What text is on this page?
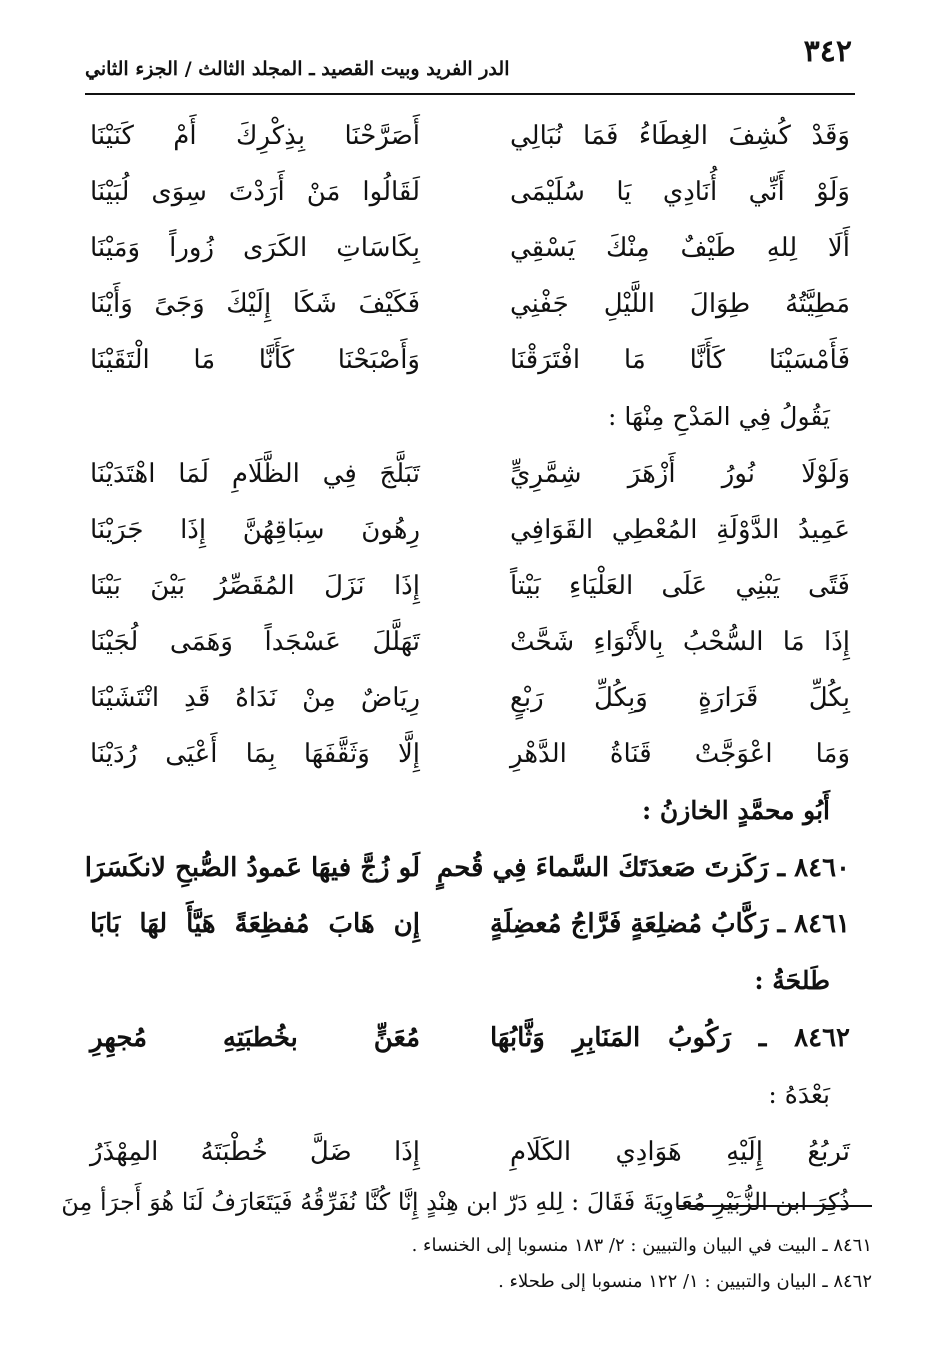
٣٤٢
الدر الفريد وبيت القصيد ـ المجلد الثالث / الجزء الثاني
وَقَدْ كُشِفَ الغِطَاءُ فَمَا نُبَالِي
أَصَرَّحْنَا بِذِكْرِكَ أَمْ كَنَيْنَا
وَلَوْ أَنِّي أُنَادِي يَا سُلَيْمَى
لَقَالُوا مَنْ أَرَدْتَ سِوَى لُبَيْنَا
أَلَا لِلهِ طَيْفٌ مِنْكَ يَسْقِي
بِكَاسَاتِ الكَرَى زُوراً وَمَيْنَا
مَطِيَّتُهُ طِوَالَ اللَّيْلِ جَفْنِي
فَكَيْفَ شَكَا إِلَيْكَ وَجَىً وَأَيْنَا
فَأَمْسَيْنَا كَأَنَّا مَا افْتَرَقْنَا
وَأَصْبَحْنَا كَأَنَّا مَا الْتَقَيْنَا
يَقُولُ فِي المَدْحِ مِنْهَا :
وَلَوْلَا نُورُ أَزْهَرَ شِمَّرِيٍّ
تَبَلَّجَ فِي الظَّلَامِ لَمَا اهْتَدَيْنَا
عَمِيدُ الدَّوْلَةِ المُعْطِي القَوَافِي
رِهُونَ سِبَاقِهُنَّ إِذَا جَرَيْنَا
فَتًى يَبْنِي عَلَى العَلْيَاءِ بَيْتاً
إِذَا نَزَلَ المُقَصِّرُ بَيْنَ بَيْنَا
إِذَا مَا السُّحْبُ بِالأَنْوَاءِ شَحَّتْ
تَهَلَّلَ عَسْجَداً وَهَمَى لُجَيْنَا
بِكُلِّ قَرَارَةٍ وَبِكُلِّ رَبْعٍ
رِيَاضٌ مِنْ نَدَاهُ قَدِ انْتَشَيْنَا
وَمَا اعْوَجَّتْ قَنَاةُ الدَّهْرِ
إِلَّا وَثَقَّفَهَا بِمَا أَعْيَى رُدَيْنَا
أَبُو محمَّدٍ الخازنُ :
٨٤٦٠ ـ رَكَزتَ صَعدَتَكَ السَّماءَ فِي قُحمٍ
لَو زُجَّ فيهَا عَمودُ الصُّبحِ لانكَسَرَا
٨٤٦١ ـ رَكَّابُ مُضلِعَةٍ فَرَّاجُ مُعضِلَةٍ
إِن هَابَ مُفظِعَةً هَيَّأَ لهَا بَابَا
طَلحَةُ :
٨٤٦٢ ـ رَكُوبُ المَنَابِرِ وَثَّابُهَا
مُعَنٍّ بخُطبَتِهِ مُجهِرِ
بَعْدَهُ :
تَربُعُ إِلَيْهِ هَوَادِي الكَلَامِ
إِذَا ضَلَّ خُطْبَتَهُ المِهْذَرُ
ذُكِرَ ابن الزُّبَيْرِ مُعَاوِيَةَ فَقَالَ : لِلهِ دَرّ ابن هِنْدٍ إِنَّا كُنَّا نُفَرِّقُهُ فَيَتَعَارَفُ لَنَا هُوَ أَجرَأ مِنَ
٨٤٦١ ـ البيت في البيان والتبيين : ٢/ ١٨٣ منسوبا إلى الخنساء .
٨٤٦٢ ـ البيان والتبيين : ١/ ١٢٢ منسوبا إلى طحلاء .
